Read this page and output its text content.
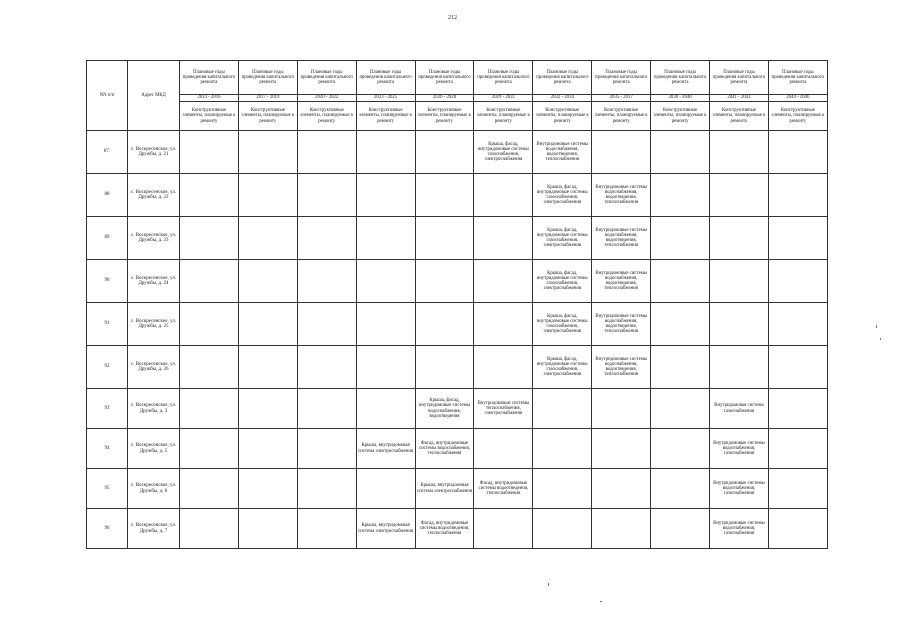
212
NN п/п	Адрес МКД	Плановые годы проведения капитального ремонта	Плановые годы проведения капитального ремонта	Плановые годы проведения капитального ремонта	Плановые годы проведения капитального ремонта	Плановые годы проведения капитального ремонта	Плановые годы проведения капитального ремонта	Плановые годы проведения капитального ремонта	Плановые годы проведения капитального ремонта	Плановые годы проведения капитального ремонта	Плановые годы проведения капитального ремонта	Плановые годы проведения капитального ремонта
		2014 - 2016	2017 - 2019	2020 - 2022	2023 - 2025	2026 - 2028	2029 - 2031	2032 - 2034	2035 - 2037	2038 - 2040	2041 - 2043	2044 - 2046
		Конструктивные элементы, планируемые к ремонту	Конструктивные элементы, планируемые к ремонту	Конструктивные элементы, планируемые к ремонту	Конструктивные элементы, планируемые к ремонту	Конструктивные элементы, планируемые к ремонту	Конструктивные элементы, планируемые к ремонту	Конструктивные элементы, планируемые к ремонту	Конструктивные элементы, планируемые к ремонту	Конструктивные элементы, планируемые к ремонту	Конструктивные элементы, планируемые к ремонту	Конструктивные элементы, планируемые к ремонту
87.	с. Воскресенское, ул. Дружбы, д. 21						Крыша, фасад, внутридомовые системы газоснабжения, электроснабжения	Внутридомовые системы водоснабжения, водоотведения, теплоснабжения				
88	с. Воскресенское, ул. Дружбы, д. 22							Крыша, фасад, внутридомовые системы газоснабжения, электроснабжения	Внутридомовые системы водоснабжения, водоотведения, теплоснабжения			
89	с. Воскресенское, ул. Дружбы, д. 23							Крыша, фасад, внутридомовые системы газоснабжения, электроснабжения	Внутридомовые системы водоснабжения, водоотведения, теплоснабжения			
90	с. Воскресенское, ул. Дружбы, д. 24							Крыша, фасад, внутридомовые системы газоснабжения, электроснабжения	Внутридомовые системы водоснабжения, водоотведения, теплоснабжения			
91	с. Воскресенское, ул. Дружбы, д. 25							Крыша, фасад, внутридомовые системы газоснабжения, электроснабжения	Внутридомовые системы водоснабжения, водоотведения, теплоснабжения			
92	с. Воскресенское, ул. Дружбы, д. 26							Крыша, фасад, внутридомовые системы газоснабжения, электроснабжения	Внутридомовые системы водоснабжения, водоотведения, теплоснабжения			
93	с. Воскресенское, ул. Дружбы, д. 3					Крыша, фасад, внутридомовые системы водоснабжения, водоотведения	Внутридомовые системы теплоснабжения, электроснабжения				Внутридомовая система газоснабжения	
94	с. Воскресенское, ул. Дружбы, д. 5				Крыша, внутридомовая система электроснабжения	Фасад, внутридомовые системы водоснабжения, теплоснабжения					Внутридомовые системы водоснабжения, газоснабжения	
95	с. Воскресенское, ул. Дружбы, д. 6					Крыша, внутридомовая система электроснабжения	Фасад, внутридомовые системы водоотведения, теплоснабжения				Внутридомовые системы водоснабжения, газоснабжения	
96	с. Воскресенское, ул. Дружбы, д. 7				Крыша, внутридомовая система электроснабжения	Фасад, внутридомовые системы водоотведения, теплоснабжения					Внутридомовые системы водоснабжения, газоснабжения	
